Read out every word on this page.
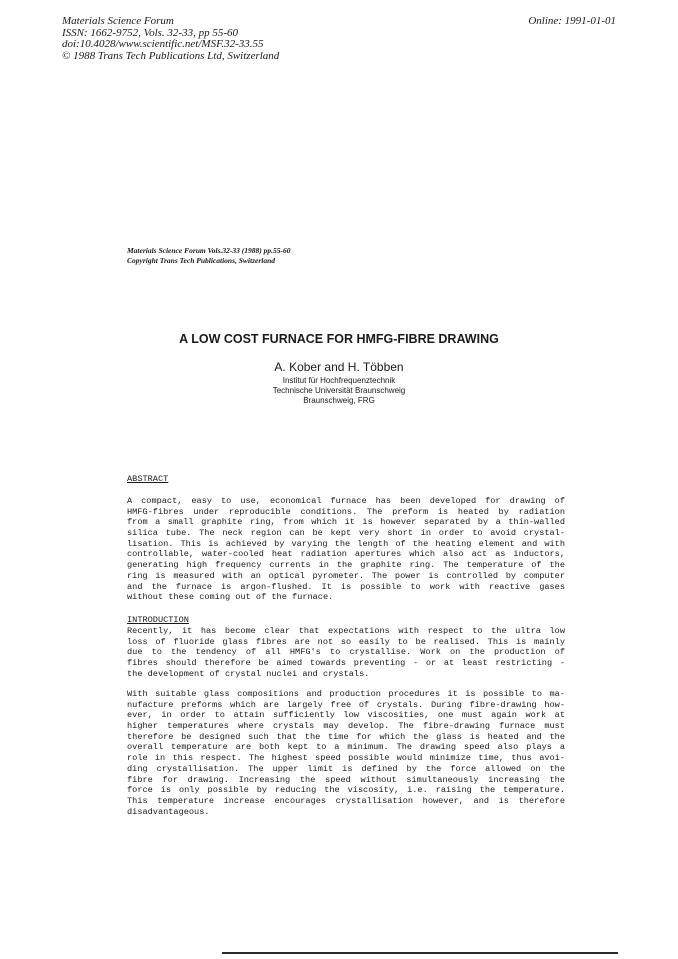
Materials Science Forum
ISSN: 1662-9752, Vols. 32-33, pp 55-60
doi:10.4028/www.scientific.net/MSF.32-33.55
© 1988 Trans Tech Publications Ltd, Switzerland
Online: 1991-01-01
Materials Science Forum Vols.32-33 (1988) pp.55-60
Copyright Trans Tech Publications, Switzerland
A LOW COST FURNACE FOR HMFG-FIBRE DRAWING
A. Kober and H. Többen
Institut für Hochfrequenztechnik
Technische Universität Braunschweig
Braunschweig, FRG
ABSTRACT
A compact, easy to use, economical furnace has been developed for drawing of
HMFG-fibres under reproducible conditions. The preform is heated by radiation
from a small graphite ring, from which it is however separated by a thin-walled
silica tube. The neck region can be kept very short in order to avoid crystal-
lisation. This is achieved by varying the length of the heating element and with
controllable, water-cooled heat radiation apertures which also act as inductors,
generating high frequency currents in the graphite ring. The temperature of the
ring is measured with an optical pyrometer. The power is controlled by computer
and the furnace is argon-flushed. It is possible to work with reactive gases
without these coming out of the furnace.
INTRODUCTION
Recently, it has become clear that expectations with respect to the ultra low
loss of fluoride glass fibres are not so easily to be realised. This is mainly
due to the tendency of all HMFG's to crystallise. Work on the production of
fibres should therefore be aimed towards preventing - or at least restricting -
the development of crystal nuclei and crystals.
With suitable glass compositions and production procedures it is possible to ma-
nufacture preforms which are largely free of crystals. During fibre-drawing how-
ever, in order to attain sufficiently low viscosities, one must again work at
higher temperatures where crystals may develop. The fibre-drawing furnace must
therefore be designed such that the time for which the glass is heated and the
overall temperature are both kept to a minimum. The drawing speed also plays a
role in this respect. The highest speed possible would minimize time, thus avoi-
ding crystallisation. The upper limit is defined by the force allowed on the
fibre for drawing. Increasing the speed without simultaneously increasing the
force is only possible by reducing the viscosity, i.e. raising the temperature.
This temperature increase encourages crystallisation however, and is therefore
disadvantageous.
